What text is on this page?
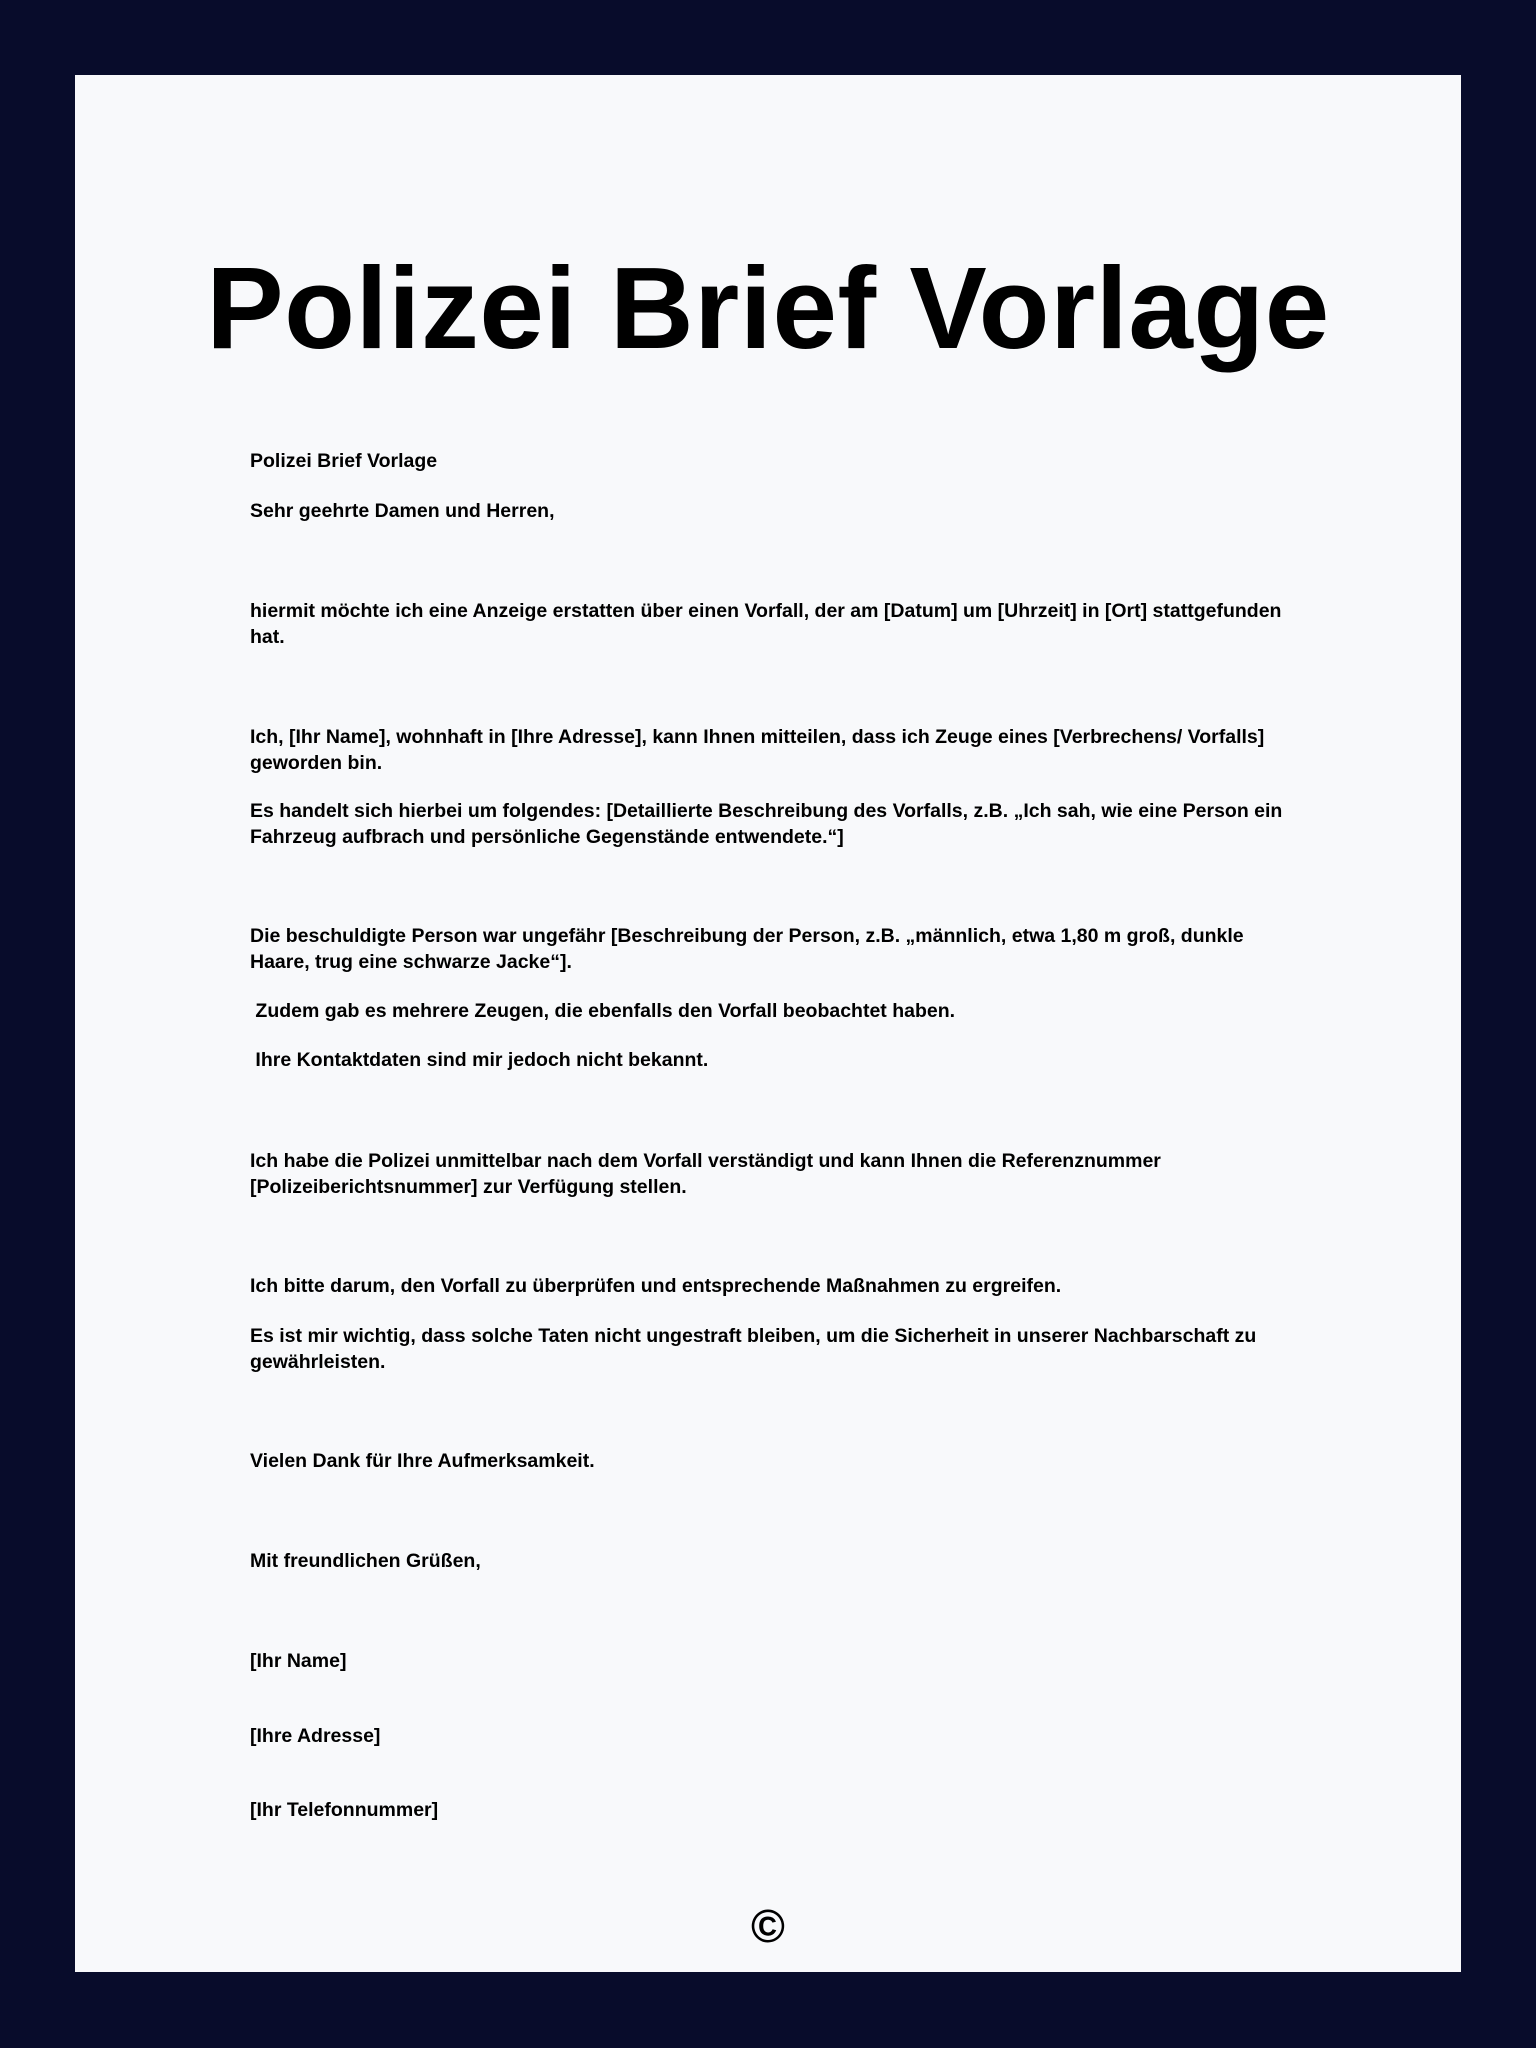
Polizei Brief Vorlage
Polizei Brief Vorlage
Sehr geehrte Damen und Herren,
hiermit möchte ich eine Anzeige erstatten über einen Vorfall, der am [Datum] um [Uhrzeit] in [Ort] stattgefunden hat.
Ich, [Ihr Name], wohnhaft in [Ihre Adresse], kann Ihnen mitteilen, dass ich Zeuge eines [Verbrechens/ Vorfalls] geworden bin.
Es handelt sich hierbei um folgendes: [Detaillierte Beschreibung des Vorfalls, z.B. „Ich sah, wie eine Person ein Fahrzeug aufbrach und persönliche Gegenstände entwendete.“]
Die beschuldigte Person war ungefähr [Beschreibung der Person, z.B. „männlich, etwa 1,80 m groß, dunkle Haare, trug eine schwarze Jacke“].
Zudem gab es mehrere Zeugen, die ebenfalls den Vorfall beobachtet haben.
Ihre Kontaktdaten sind mir jedoch nicht bekannt.
Ich habe die Polizei unmittelbar nach dem Vorfall verständigt und kann Ihnen die Referenznummer [Polizeiberichtsnummer] zur Verfügung stellen.
Ich bitte darum, den Vorfall zu überprüfen und entsprechende Maßnahmen zu ergreifen.
Es ist mir wichtig, dass solche Taten nicht ungestraft bleiben, um die Sicherheit in unserer Nachbarschaft zu gewährleisten.
Vielen Dank für Ihre Aufmerksamkeit.
Mit freundlichen Grüßen,
[Ihr Name]
[Ihre Adresse]
[Ihr Telefonnummer]
©
